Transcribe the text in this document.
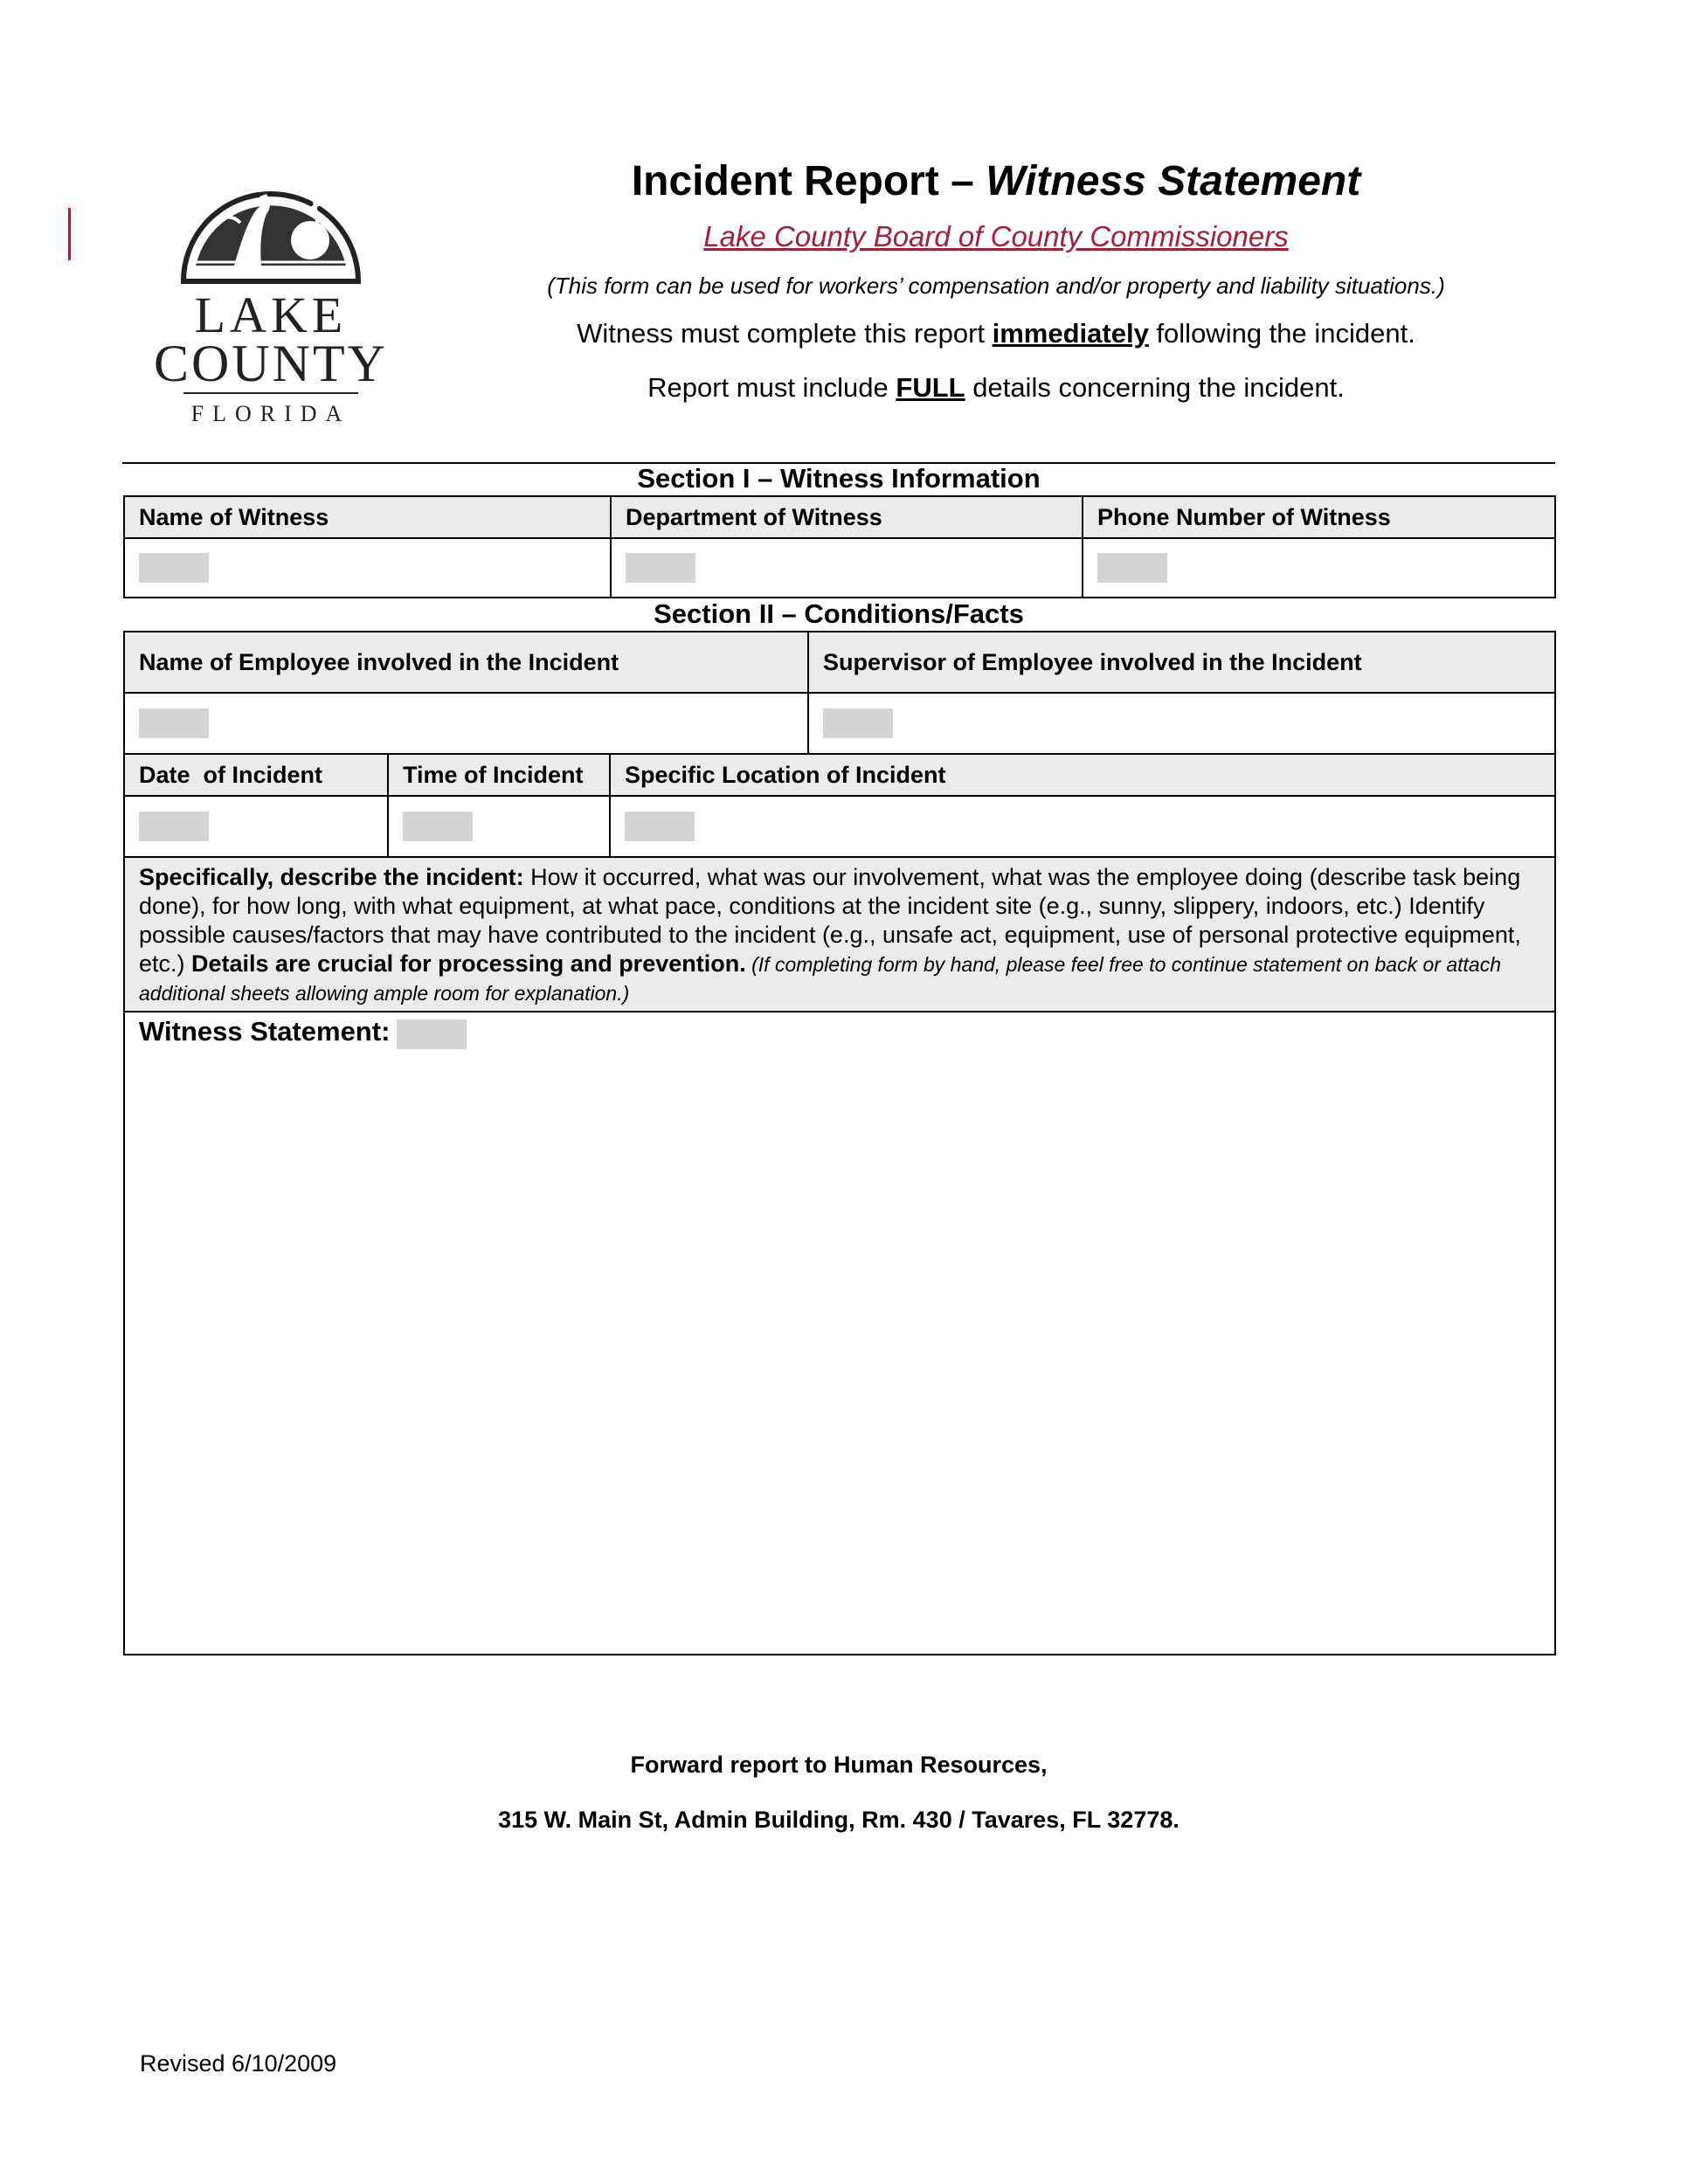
LAKE
COUNTY
FLORIDA
Incident Report – Witness Statement
Lake County Board of County Commissioners
(This form can be used for workers’ compensation and/or property and liability situations.)
Witness must complete this report immediately following the incident.
Report must include FULL details concerning the incident.
Section I – Witness Information
Name of Witness	Department of Witness	Phone Number of Witness

Section II – Conditions/Facts
Name of Employee involved in the Incident	Supervisor of Employee involved in the Incident

Date  of Incident	Time of Incident	Specific Location of Incident

Specifically, describe the incident: How it occurred, what was our involvement, what was the employee doing (describe task being done), for how long, with what equipment, at what pace, conditions at the incident site (e.g., sunny, slippery, indoors, etc.) Identify possible causes/factors that may have contributed to the incident (e.g., unsafe act, equipment, use of personal protective equipment, etc.) Details are crucial for processing and prevention. (If completing form by hand, please feel free to continue statement on back or attach additional sheets allowing ample room for explanation.)
Witness Statement:
Forward report to Human Resources,
315 W. Main St, Admin Building, Rm. 430 / Tavares, FL 32778.
Revised 6/10/2009
